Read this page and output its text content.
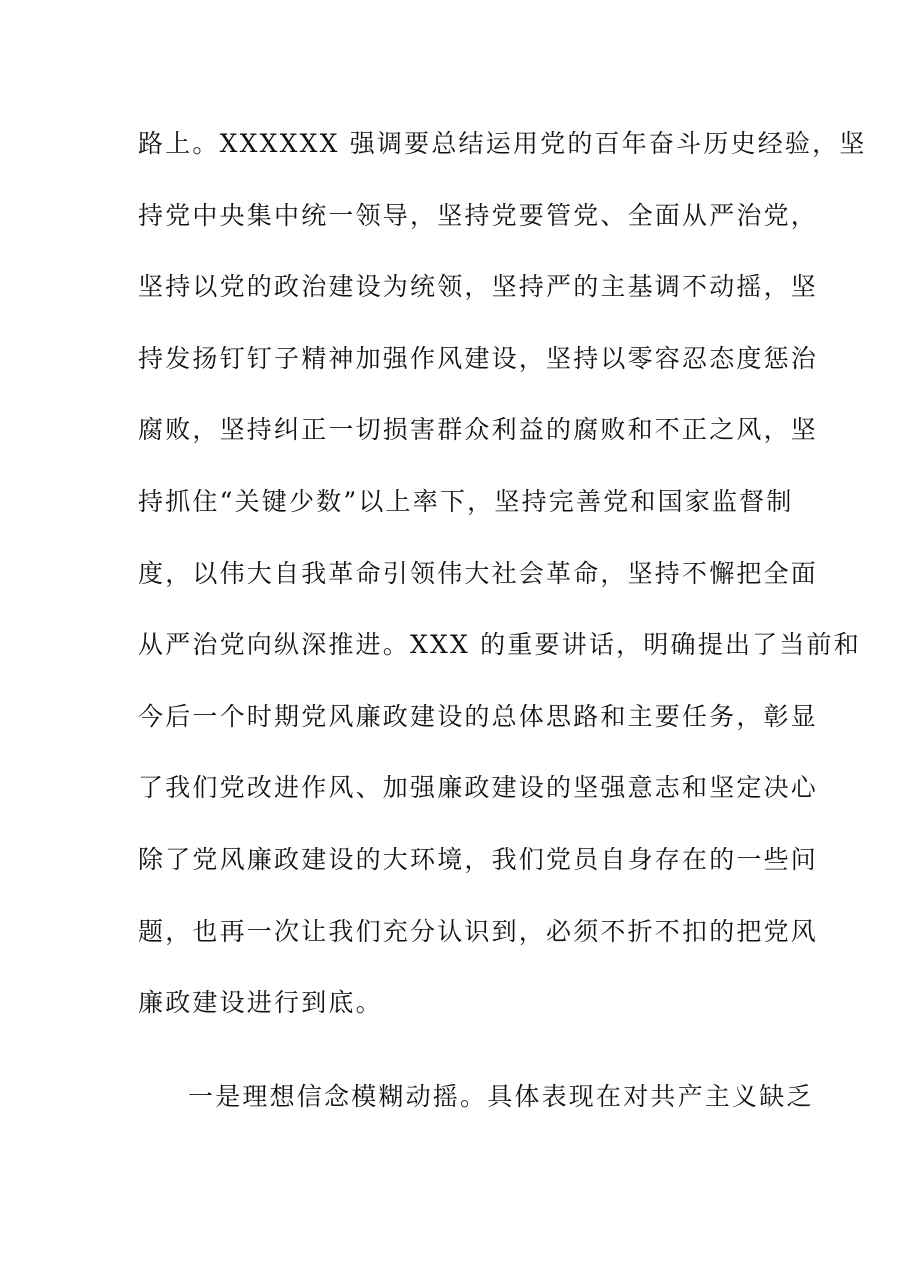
路上。XXXXXX 强调要总结运用党的百年奋斗历史经验，坚
持党中央集中统一领导，坚持党要管党、全面从严治党，
坚持以党的政治建设为统领，坚持严的主基调不动摇，坚
持发扬钉钉子精神加强作风建设，坚持以零容忍态度惩治
腐败，坚持纠正一切损害群众利益的腐败和不正之风，坚
持抓住“关键少数”以上率下，坚持完善党和国家监督制
度，以伟大自我革命引领伟大社会革命，坚持不懈把全面
从严治党向纵深推进。XXX 的重要讲话，明确提出了当前和
今后一个时期党风廉政建设的总体思路和主要任务，彰显
了我们党改进作风、加强廉政建设的坚强意志和坚定决心
除了党风廉政建设的大环境，我们党员自身存在的一些问
题，也再一次让我们充分认识到，必须不折不扣的把党风
廉政建设进行到底。
一是理想信念模糊动摇。具体表现在对共产主义缺乏
